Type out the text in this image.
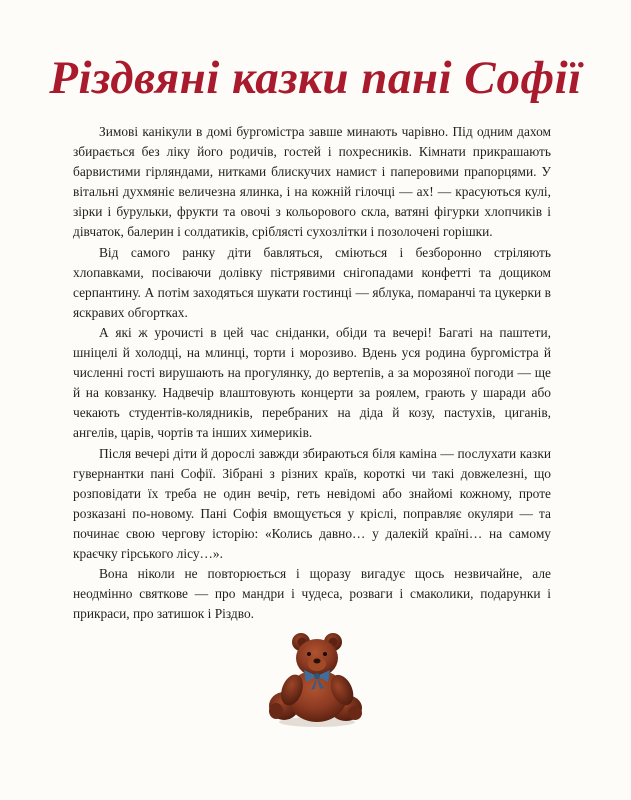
Різдвяні казки пані Софії

Зимові канікули в домі бургомістра завше минають чарівно. Під одним дахом збирається без ліку його родичів, гостей і похресників. Кімнати прикрашають барвистими гірляндами, нитками блискучих намист і паперовими прапорцями. У вітальні духмяніє величезна ялинка, і на кожній гілочці — ах! — красуються кулі, зірки і бурульки, фрукти та овочі з кольорового скла, ватяні фігурки хлопчиків і дівчаток, балерин і солдатиків, сріблясті сухозлітки і позолочені горішки.

Від самого ранку діти бавляться, сміються і безборонно стріляють хлопавками, посіваючи долівку пістрявими снігопадами конфетті та дощиком серпантину. А потім заходяться шукати гостинці — яблука, помаранчі та цукерки в яскравих обгортках.

А які ж урочисті в цей час сніданки, обіди та вечері! Багаті на паштети, шніцелі й холодці, на млинці, торти і морозиво. Вдень уся родина бургомістра й численні гості вирушають на прогулянку, до вертепів, а за морозяної погоди — ще й на ковзанку. Надвечір влаштовують концерти за роялем, грають у шаради або чекають студентів-колядників, перебраних на діда й козу, пастухів, циганів, ангелів, царів, чортів та інших химериків.

Після вечері діти й дорослі завжди збираються біля каміна — послухати казки гувернантки пані Софії. Зібрані з різних країв, короткі чи такі довжелезні, що розповідати їх треба не один вечір, геть невідомі або знайомі кожному, проте розказані по-новому. Пані Софія вмощується у кріслі, поправляє окуляри — та починає свою чергову історію: «Колись давно… у далекій країні… на самому краєчку гірського лісу…».

Вона ніколи не повторюється і щоразу вигадує щось незвичайне, але неодмінно святкове — про мандри і чудеса, розваги і смаколики, подарунки і прикраси, про затишок і Різдво.
